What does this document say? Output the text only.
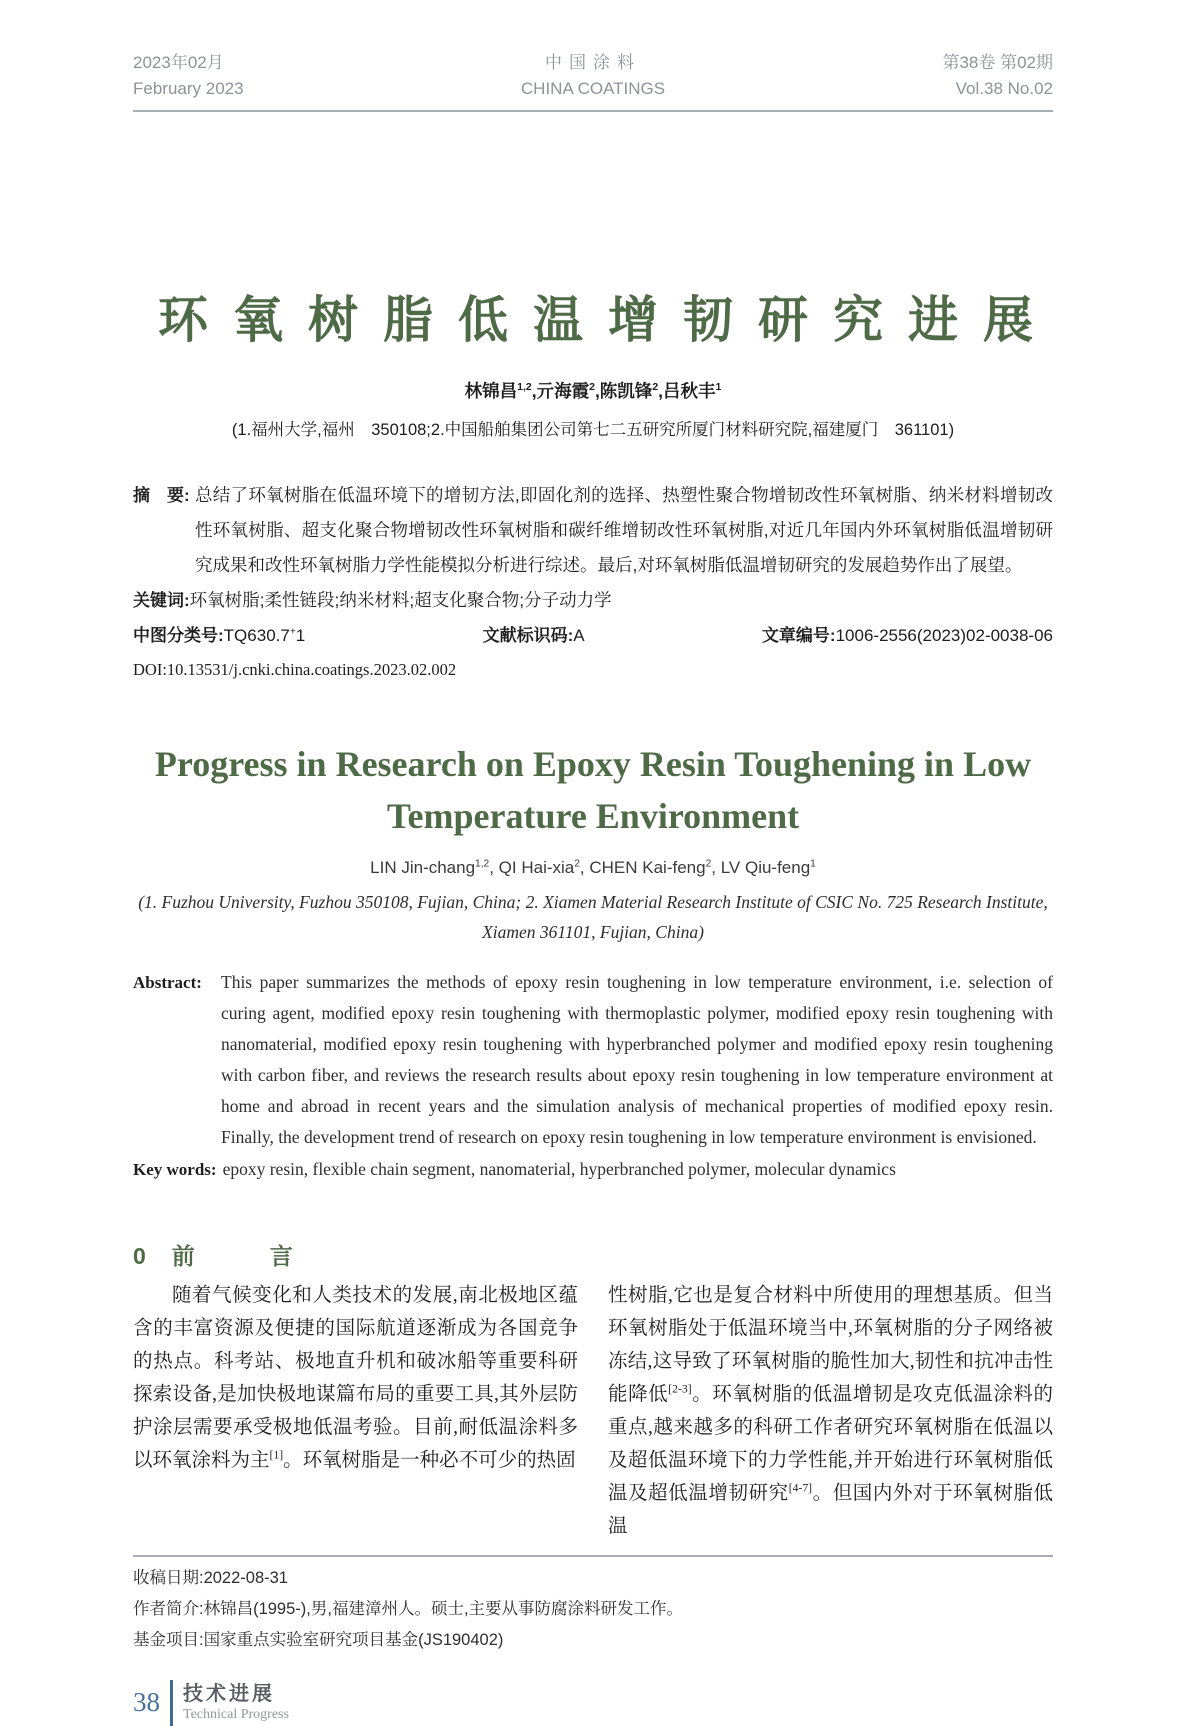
2023年02月
February 2023
中国涂料
CHINA COATINGS
第38卷 第02期
Vol.38 No.02
环氧树脂低温增韧研究进展
林锦昌$^{1,2}$,亓海霞$^2$,陈凯锋$^2$,吕秋丰$^1$
(1.福州大学,福州　350108;2.中国船舶集团公司第七二五研究所厦门材料研究院,福建厦门　361101)
摘　要: 总结了环氧树脂在低温环境下的增韧方法,即固化剂的选择、热塑性聚合物增韧改性环氧树脂、纳米材料增韧改性环氧树脂、超支化聚合物增韧改性环氧树脂和碳纤维增韧改性环氧树脂,对近几年国内外环氧树脂低温增韧研究成果和改性环氧树脂力学性能模拟分析进行综述。最后,对环氧树脂低温增韧研究的发展趋势作出了展望。
关键词: 环氧树脂;柔性链段;纳米材料;超支化聚合物;分子动力学
中图分类号:TQ630.7+1	文献标识码:A	文章编号:1006-2556(2023)02-0038-06
DOI:10.13531/j.cnki.china.coatings.2023.02.002
Progress in Research on Epoxy Resin Toughening in Low Temperature Environment
LIN Jin-chang$^{1,2}$, QI Hai-xia$^2$, CHEN Kai-feng$^2$, LV Qiu-feng$^1$
(1. Fuzhou University, Fuzhou 350108, Fujian, China; 2. Xiamen Material Research Institute of CSIC No. 725 Research Institute, Xiamen 361101, Fujian, China)
Abstract:	This paper summarizes the methods of epoxy resin toughening in low temperature environment, i.e. selection of curing agent, modified epoxy resin toughening with thermoplastic polymer, modified epoxy resin toughening with nanomaterial, modified epoxy resin toughening with hyperbranched polymer and modified epoxy resin toughening with carbon fiber, and reviews the research results about epoxy resin toughening in low temperature environment at home and abroad in recent years and the simulation analysis of mechanical properties of modified epoxy resin. Finally, the development trend of research on epoxy resin toughening in low temperature environment is envisioned.
Key words: epoxy resin, flexible chain segment, nanomaterial, hyperbranched polymer, molecular dynamics
0 前　言

随着气候变化和人类技术的发展,南北极地区蕴含的丰富资源及便捷的国际航道逐渐成为各国竞争的热点。科考站、极地直升机和破冰船等重要科研探索设备,是加快极地谋篇布局的重要工具,其外层防护涂层需要承受极地低温考验。目前,耐低温涂料多以环氧涂料为主[1]。环氧树脂是一种必不可少的热固

性树脂,它也是复合材料中所使用的理想基质。但当环氧树脂处于低温环境当中,环氧树脂的分子网络被冻结,这导致了环氧树脂的脆性加大,韧性和抗冲击性能降低[2-3]。环氧树脂的低温增韧是攻克低温涂料的重点,越来越多的科研工作者研究环氧树脂在低温以及超低温环境下的力学性能,并开始进行环氧树脂低温及超低温增韧研究[4-7]。但国内外对于环氧树脂低温

收稿日期:2022-08-31
作者简介:林锦昌(1995-),男,福建漳州人。硕士,主要从事防腐涂料研发工作。
基金项目:国家重点实验室研究项目基金(JS190402)
38	技术进展
Technical Progress
